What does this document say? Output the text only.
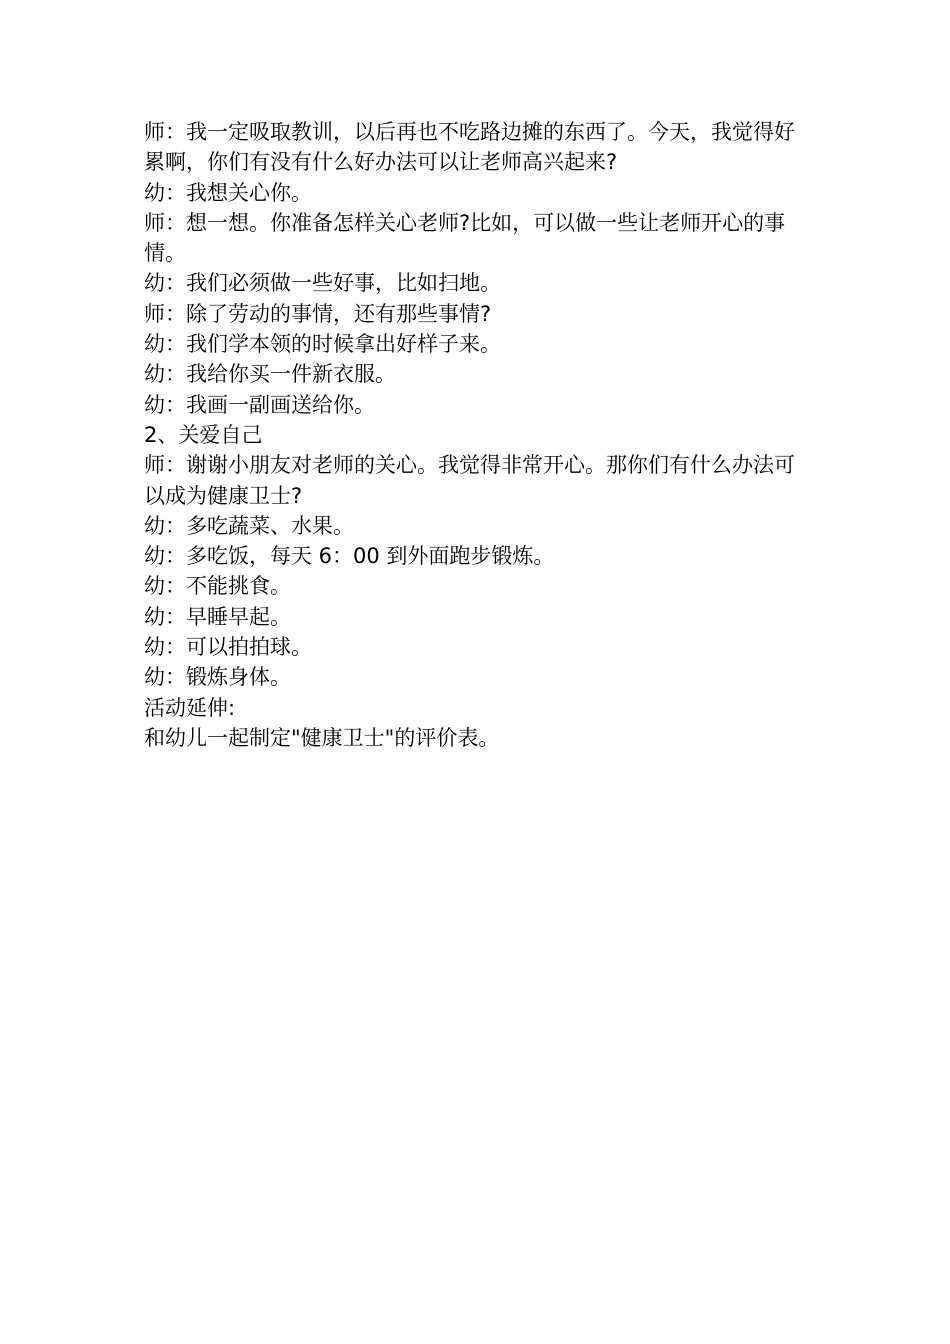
师：我一定吸取教训，以后再也不吃路边摊的东西了。今天，我觉得好累啊，你们有没有什么好办法可以让老师高兴起来?

幼：我想关心你。

师：想一想。你准备怎样关心老师?比如，可以做一些让老师开心的事情。

幼：我们必须做一些好事，比如扫地。

师：除了劳动的事情，还有那些事情?

幼：我们学本领的时候拿出好样子来。

幼：我给你买一件新衣服。

幼：我画一副画送给你。

2、关爱自己

师：谢谢小朋友对老师的关心。我觉得非常开心。那你们有什么办法可以成为健康卫士?

幼：多吃蔬菜、水果。

幼：多吃饭，每天 6：00 到外面跑步锻炼。

幼：不能挑食。

幼：早睡早起。

幼：可以拍拍球。

幼：锻炼身体。

活动延伸:

和幼儿一起制定"健康卫士"的评价表。
